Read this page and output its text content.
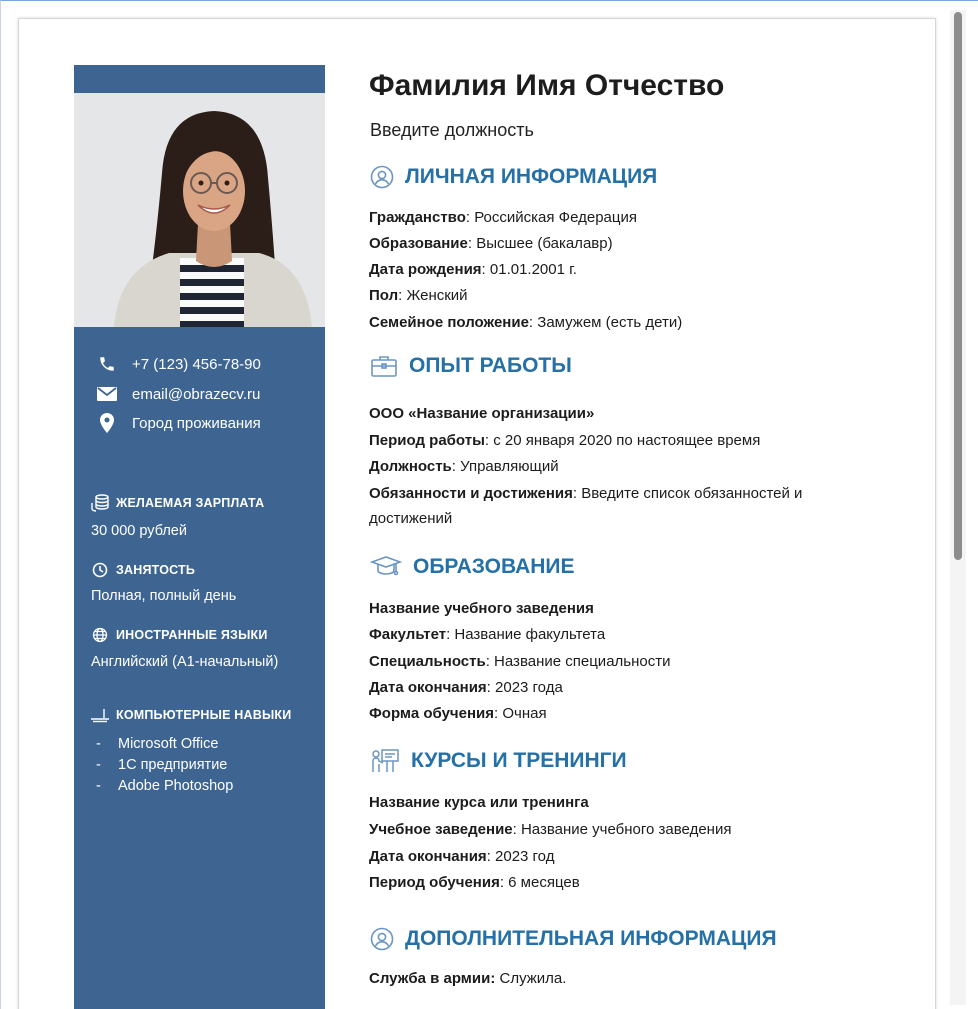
+7 (123) 456-78-90
email@obrazecv.ru
Город проживания
ЖЕЛАЕМАЯ ЗАРПЛАТА
30 000 рублей
ЗАНЯТОСТЬ
Полная, полный день
ИНОСТРАННЫЕ ЯЗЫКИ
Английский (А1-начальный)
КОМПЬЮТЕРНЫЕ НАВЫКИ
-	Microsoft Office
-	1С предприятие
-	Adobe Photoshop
Фамилия Имя Отчество
Введите должность
ЛИЧНАЯ ИНФОРМАЦИЯ
Гражданство: Российская Федерация
Образование: Высшее (бакалавр)
Дата рождения: 01.01.2001 г.
Пол: Женский
Семейное положение: Замужем (есть дети)
ОПЫТ РАБОТЫ
ООО «Название организации»
Период работы: с 20 января 2020 по настоящее время
Должность: Управляющий
Обязанности и достижения: Введите список обязанностей и
достижений
ОБРАЗОВАНИЕ
Название учебного заведения
Факультет: Название факультета
Специальность: Название специальности
Дата окончания: 2023 года
Форма обучения: Очная
КУРСЫ И ТРЕНИНГИ
Название курса или тренинга
Учебное заведение: Название учебного заведения
Дата окончания: 2023 год
Период обучения: 6 месяцев
ДОПОЛНИТЕЛЬНАЯ ИНФОРМАЦИЯ
Служба в армии: Служила.
